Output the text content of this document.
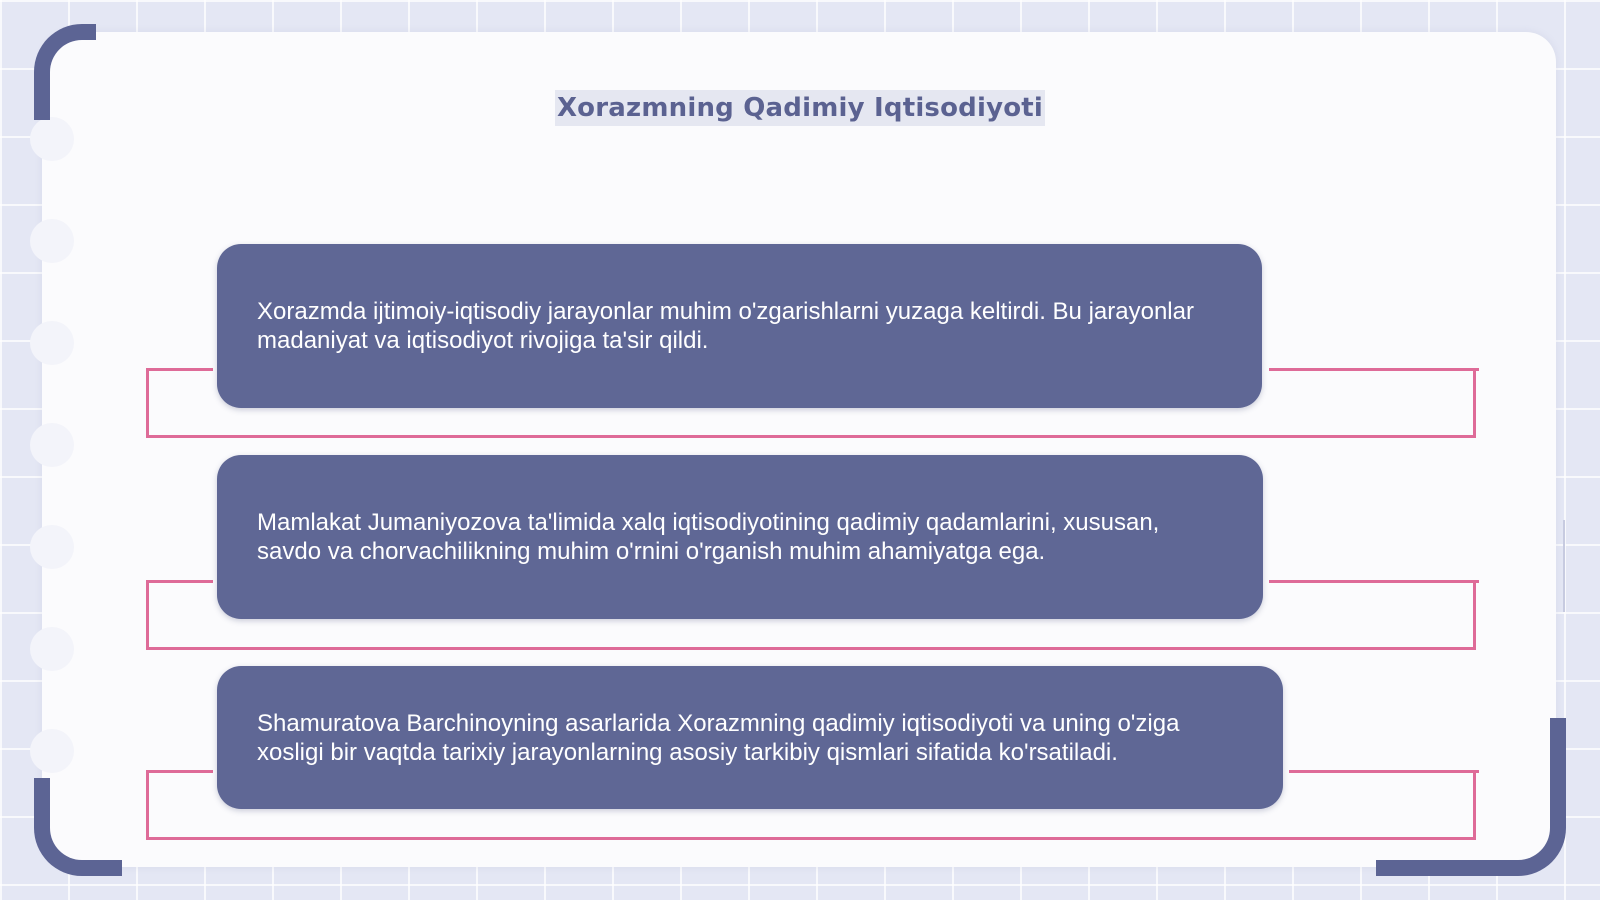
Xorazmning Qadimiy Iqtisodiyoti

Xorazmda ijtimoiy-iqtisodiy jarayonlar muhim o'zgarishlarni yuzaga keltirdi. Bu jarayonlar madaniyat va iqtisodiyot rivojiga ta'sir qildi.

Mamlakat Jumaniyozova ta'limida xalq iqtisodiyotining qadimiy qadamlarini, xususan, savdo va chorvachilikning muhim o'rnini o'rganish muhim ahamiyatga ega.

Shamuratova Barchinoyning asarlarida Xorazmning qadimiy iqtisodiyoti va uning o'ziga xosligi bir vaqtda tarixiy jarayonlarning asosiy tarkibiy qismlari sifatida ko'rsatiladi.
